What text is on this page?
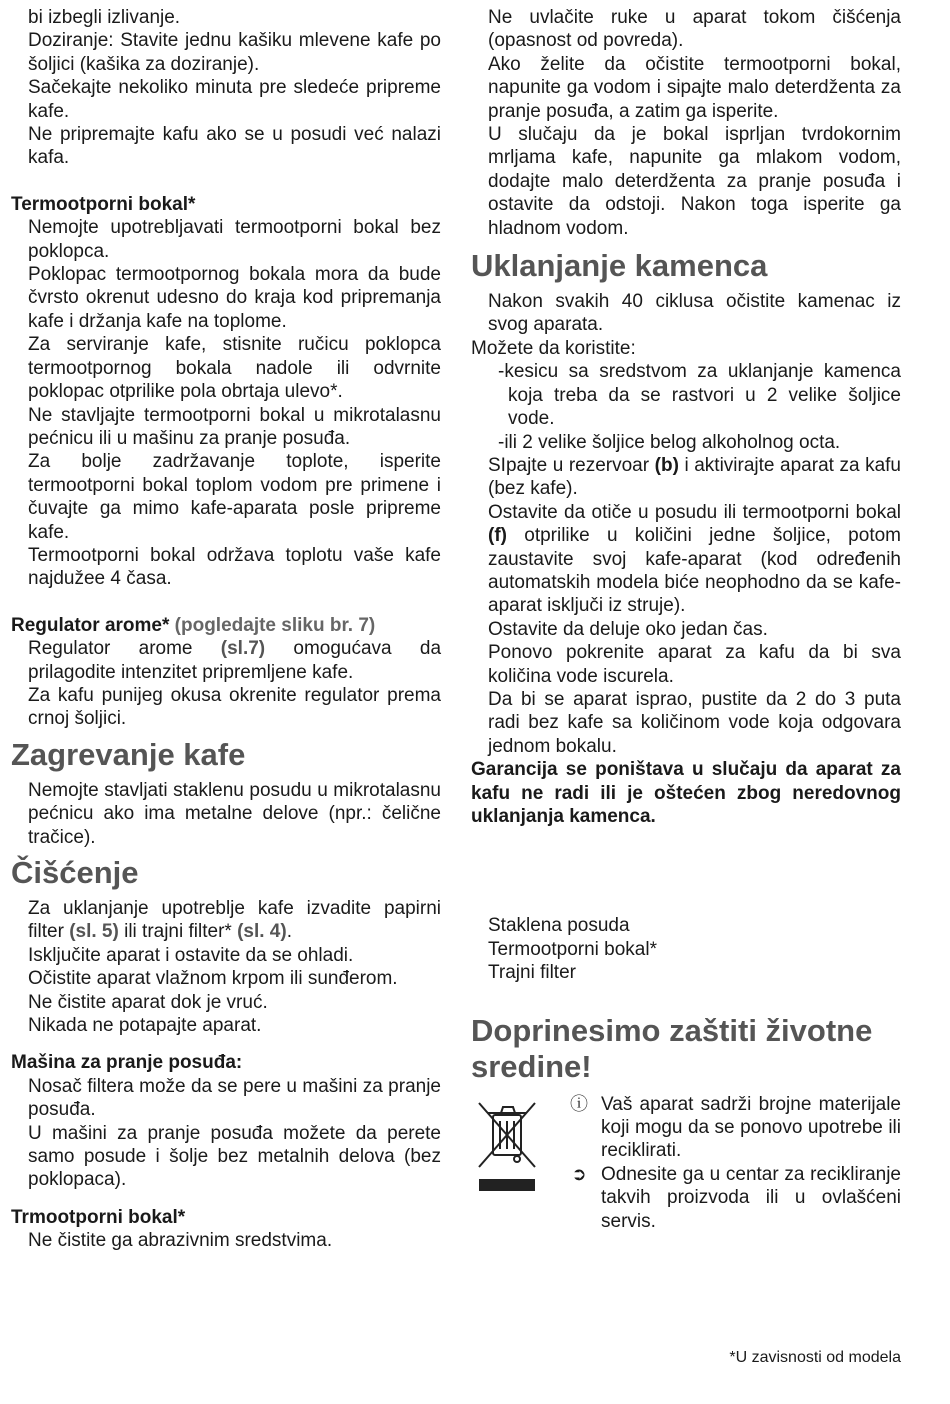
bi izbegli izlivanje.

Doziranje: Stavite jednu kašiku mlevene kafe po šoljici (kašika za doziranje).

Sačekajte nekoliko minuta pre sledeće pripreme kafe.

Ne pripremajte kafu ako se u posudi već nalazi kafa.

Termootporni bokal*

Nemojte upotrebljavati termootporni bokal bez poklopca.

Poklopac termootpornog bokala mora da bude čvrsto okrenut udesno do kraja kod pripremanja kafe i držanja kafe na toplome.

Za serviranje kafe, stisnite ručicu poklopca termootpornog bokala nadole ili odvrnite poklopac otprilike pola obrtaja ulevo*.

Ne stavljajte termootporni bokal u mikrotalasnu pećnicu ili u mašinu za pranje posuđa.

Za bolje zadržavanje toplote, isperite termootporni bokal toplom vodom pre primene i čuvajte ga mimo kafe-aparata posle pripreme kafe.

Termootporni bokal održava toplotu vaše kafe najdužee 4 časa.

Regulator arome* (pogledajte sliku br. 7)

Regulator arome (sl.7) omogućava da prilagodite intenzitet pripremljene kafe.

Za kafu punijeg okusa okrenite regulator prema crnoj šoljici.

Zagrevanje kafe

Nemojte stavljati staklenu posudu u mikrotalasnu pećnicu ako ima metalne delove (npr.: čelične tračice).

Čišćenje

Za uklanjanje upotreblje kafe izvadite papirni filter (sl. 5) ili trajni filter* (sl. 4).

Isključite aparat i ostavite da se ohladi.

Očistite aparat vlažnom krpom ili sunđerom.

Ne čistite aparat dok je vruć.

Nikada ne potapajte aparat.

Mašina za pranje posuđa:

Nosač filtera može da se pere u mašini za pranje posuđa.

U mašini za pranje posuđa možete da perete samo posude i šolje bez metalnih delova (bez poklopaca).

Trmootporni bokal*

Ne čistite ga abrazivnim sredstvima.

Ne uvlačite ruke u aparat tokom čišćenja (opasnost od povreda).

Ako želite da očistite termootporni bokal, napunite ga vodom i sipajte malo deterdženta za pranje posuđa, a zatim ga isperite.

U slučaju da je bokal isprljan tvrdokornim mrljama kafe, napunite ga mlakom vodom, dodajte malo deterdženta za pranje posuđa i ostavite da odstoji. Nakon toga isperite ga hladnom vodom.

Uklanjanje kamenca

Nakon svakih 40 ciklusa očistite kamenac iz svog aparata.

Možete da koristite:

-kesicu sa sredstvom za uklanjanje kamenca koja treba da se rastvori u 2 velike šoljice vode.

-ili 2 velike šoljice belog alkoholnog octa.

SIpajte u rezervoar (b) i aktivirajte aparat za kafu (bez kafe).

Ostavite da otiče u posudu ili termootporni bokal (f) otprilike u količini jedne šoljice, potom zaustavite svoj kafe-aparat (kod određenih automatskih modela biće neophodno da se kafe-aparat isključi iz struje).

Ostavite da deluje oko jedan čas.

Ponovo pokrenite aparat za kafu da bi sva količina vode iscurela.

Da bi se aparat isprao, pustite da 2 do 3 puta radi bez kafe sa količinom vode koja odgovara jednom bokalu.

Garancija se poništava u slučaju da aparat za kafu ne radi ili je oštećen zbog neredovnog uklanjanja kamenca.

Staklena posuda

Termootporni bokal*

Trajni filter

Doprinesimo zaštiti životne sredine!
ⓘ Vaš aparat sadrži brojne materijale koji mogu da se ponovo upotrebe ili reciklirati.

➲ Odnesite ga u centar za recikliranje takvih proizvoda ili u ovlašćeni servis.

*U zavisnosti od modela
